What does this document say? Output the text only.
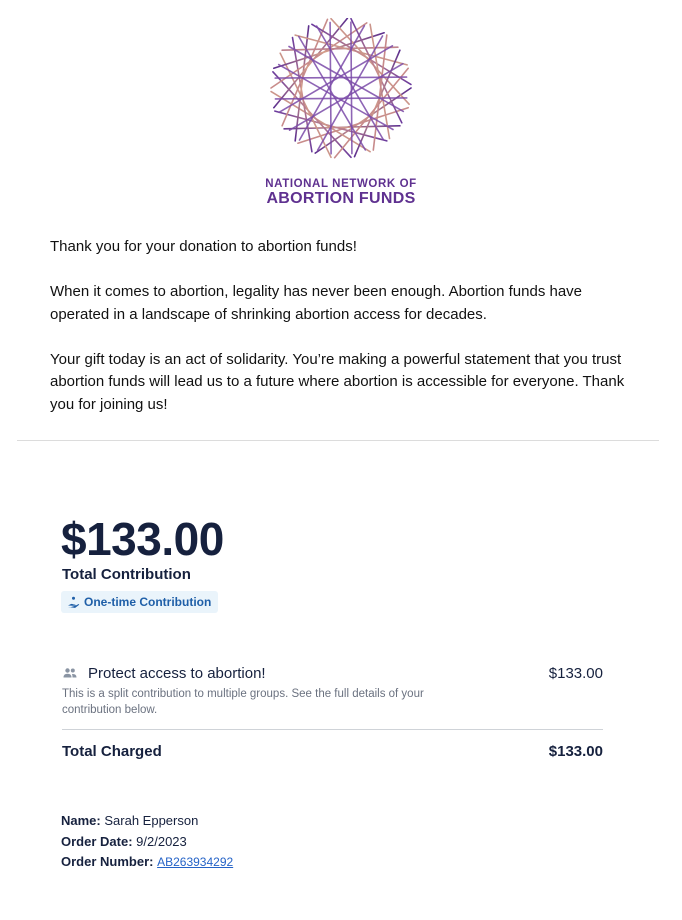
NATIONAL NETWORK OF
ABORTION FUNDS

Thank you for your donation to abortion funds!

When it comes to abortion, legality has never been enough. Abortion funds have operated in a landscape of shrinking abortion access for decades.

Your gift today is an act of solidarity. You’re making a powerful statement that you trust abortion funds will lead us to a future where abortion is accessible for everyone. Thank you for joining us!

$133.00
Total Contribution
One-time Contribution
Protect access to abortion!	$133.00
This is a split contribution to multiple groups. See the full details of your contribution below.
Total Charged	$133.00
Name: Sarah Epperson
Order Date: 9/2/2023
Order Number: AB263934292
